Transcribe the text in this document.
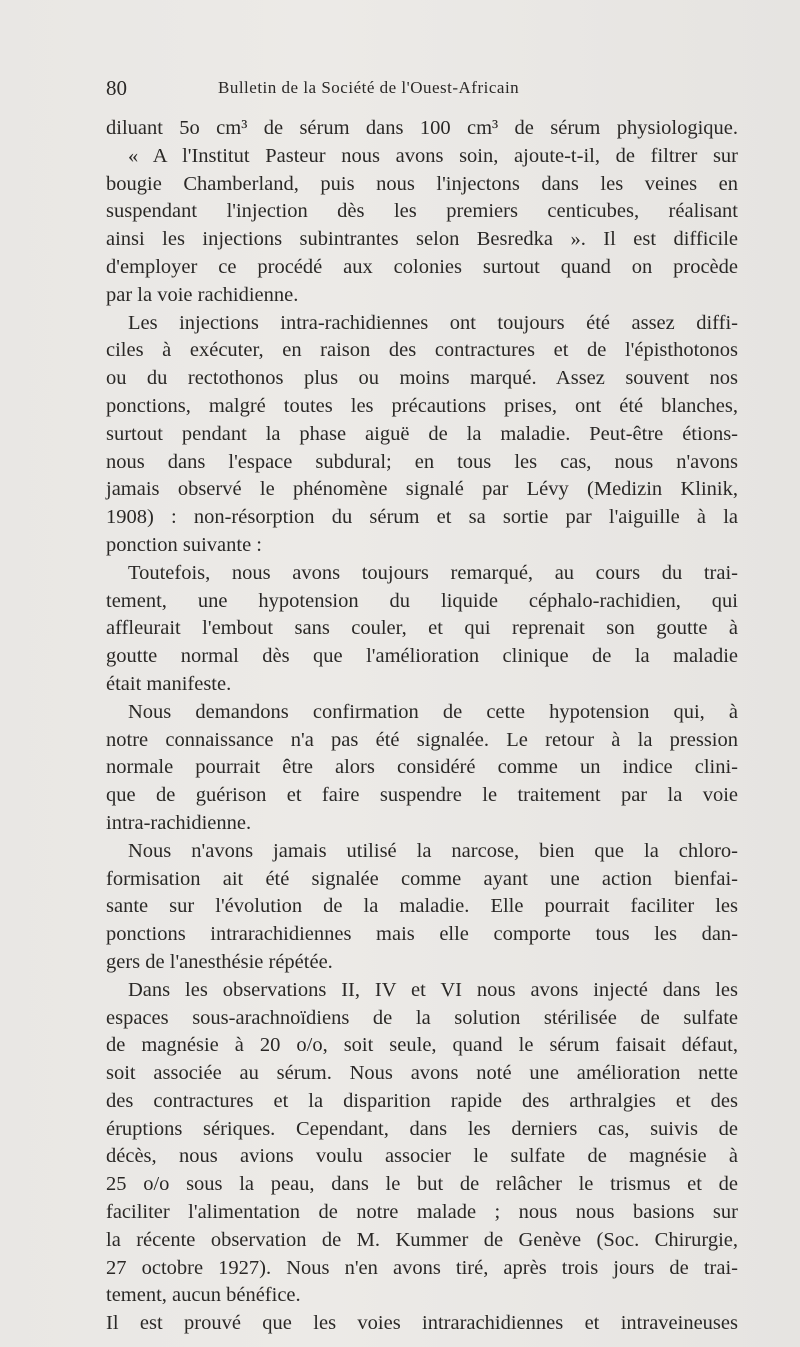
80	Bulletin de la Société de l'Ouest-Africain
diluant 5o cm³ de sérum dans 100 cm³ de sérum physiologique.
« A l'Institut Pasteur nous avons soin, ajoute-t-il, de filtrer sur
bougie Chamberland, puis nous l'injectons dans les veines en
suspendant l'injection dès les premiers centicubes, réalisant
ainsi les injections subintrantes selon Besredka ». Il est difficile
d'employer ce procédé aux colonies surtout quand on procède
par la voie rachidienne.
Les injections intra-rachidiennes ont toujours été assez diffi-
ciles à exécuter, en raison des contractures et de l'épisthotonos
ou du rectothonos plus ou moins marqué. Assez souvent nos
ponctions, malgré toutes les précautions prises, ont été blanches,
surtout pendant la phase aiguë de la maladie. Peut-être étions-
nous dans l'espace subdural; en tous les cas, nous n'avons
jamais observé le phénomène signalé par Lévy (Medizin Klinik,
1908) : non-résorption du sérum et sa sortie par l'aiguille à la
ponction suivante :
Toutefois, nous avons toujours remarqué, au cours du trai-
tement, une hypotension du liquide céphalo-rachidien, qui
affleurait l'embout sans couler, et qui reprenait son goutte à
goutte normal dès que l'amélioration clinique de la maladie
était manifeste.
Nous demandons confirmation de cette hypotension qui, à
notre connaissance n'a pas été signalée. Le retour à la pression
normale pourrait être alors considéré comme un indice clini-
que de guérison et faire suspendre le traitement par la voie
intra-rachidienne.
Nous n'avons jamais utilisé la narcose, bien que la chloro-
formisation ait été signalée comme ayant une action bienfai-
sante sur l'évolution de la maladie. Elle pourrait faciliter les
ponctions intrarachidiennes mais elle comporte tous les dan-
gers de l'anesthésie répétée.
Dans les observations II, IV et VI nous avons injecté dans les
espaces sous-arachnoïdiens de la solution stérilisée de sulfate
de magnésie à 20 o/o, soit seule, quand le sérum faisait défaut,
soit associée au sérum. Nous avons noté une amélioration nette
des contractures et la disparition rapide des arthralgies et des
éruptions sériques. Cependant, dans les derniers cas, suivis de
décès, nous avions voulu associer le sulfate de magnésie à
25 o/o sous la peau, dans le but de relâcher le trismus et de
faciliter l'alimentation de notre malade ; nous nous basions sur
la récente observation de M. Kummer de Genève (Soc. Chirurgie,
27 octobre 1927). Nous n'en avons tiré, après trois jours de trai-
tement, aucun bénéfice.
Il est prouvé que les voies intrarachidiennes et intraveineuses
